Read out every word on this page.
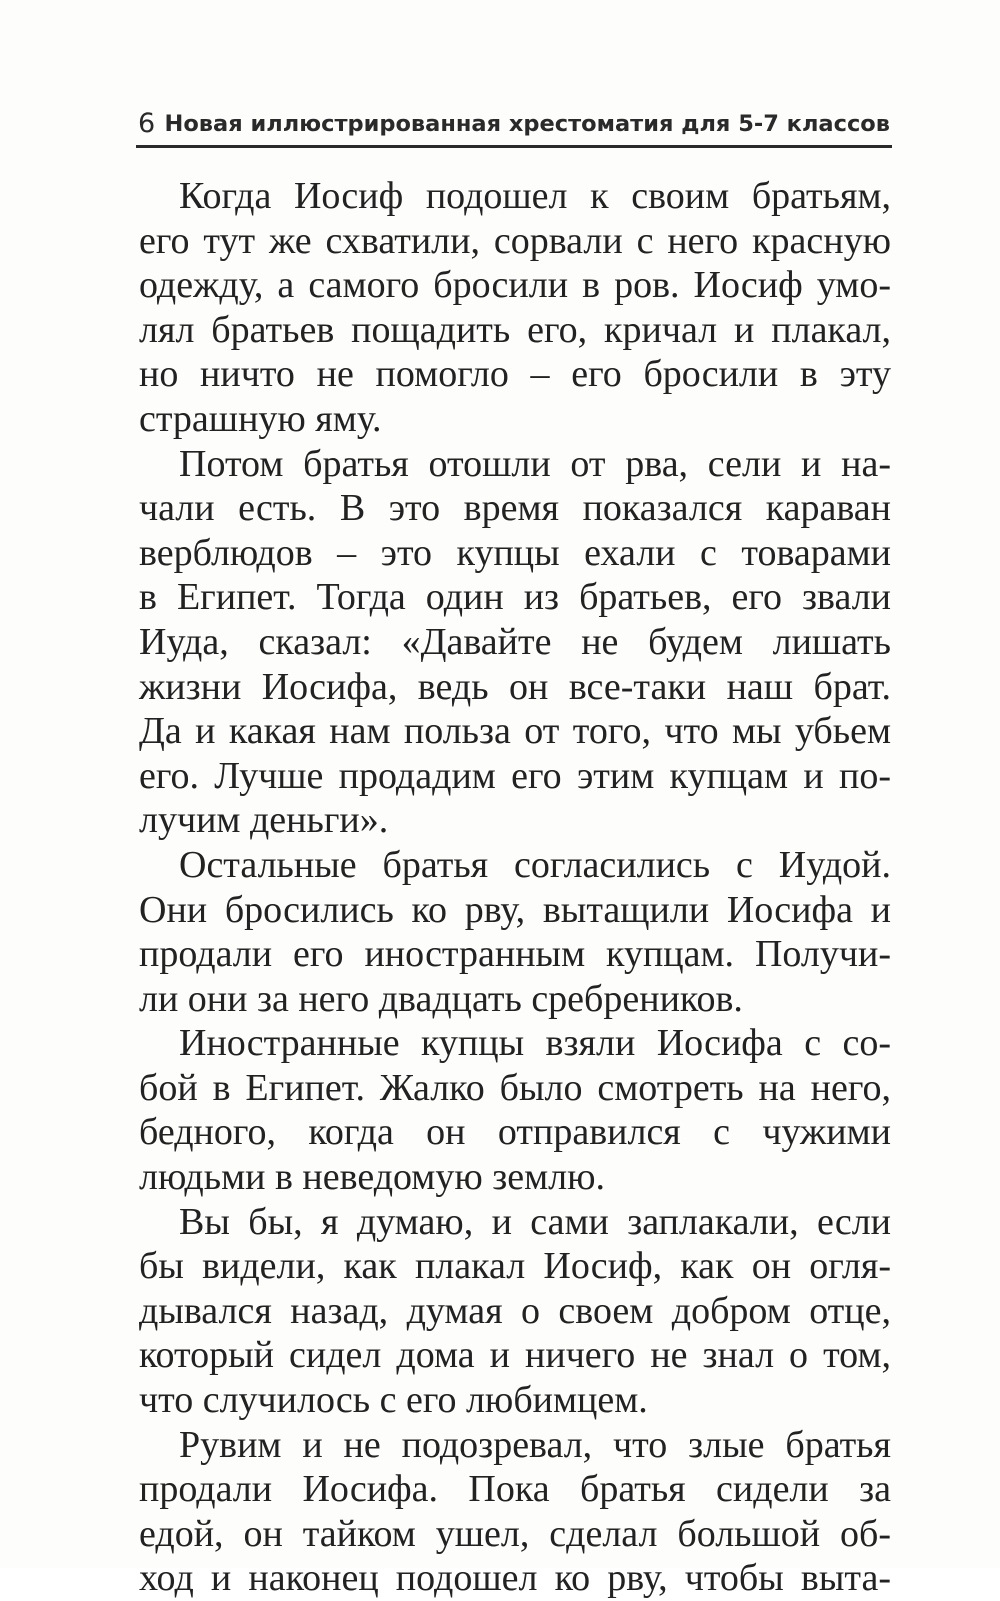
6 Новая иллюстрированная хрестоматия для 5-7 классов
Когда Иосиф подошел к своим братьям,
его тут же схватили, сорвали с него красную
одежду, а самого бросили в ров. Иосиф умо-
лял братьев пощадить его, кричал и плакал,
но ничто не помогло – его бросили в эту
страшную яму.
Потом братья отошли от рва, сели и на-
чали есть. В это время показался караван
верблюдов – это купцы ехали с товарами
в Египет. Тогда один из братьев, его звали
Иуда, сказал: «Давайте не будем лишать
жизни Иосифа, ведь он все-таки наш брат.
Да и какая нам польза от того, что мы убьем
его. Лучше продадим его этим купцам и по-
лучим деньги».
Остальные братья согласились с Иудой.
Они бросились ко рву, вытащили Иосифа и
продали его иностранным купцам. Получи-
ли они за него двадцать сребреников.
Иностранные купцы взяли Иосифа с со-
бой в Египет. Жалко было смотреть на него,
бедного, когда он отправился с чужими
людьми в неведомую землю.
Вы бы, я думаю, и сами заплакали, если
бы видели, как плакал Иосиф, как он огля-
дывался назад, думая о своем добром отце,
который сидел дома и ничего не знал о том,
что случилось с его любимцем.
Рувим и не подозревал, что злые братья
продали Иосифа. Пока братья сидели за
едой, он тайком ушел, сделал большой об-
ход и наконец подошел ко рву, чтобы выта-
